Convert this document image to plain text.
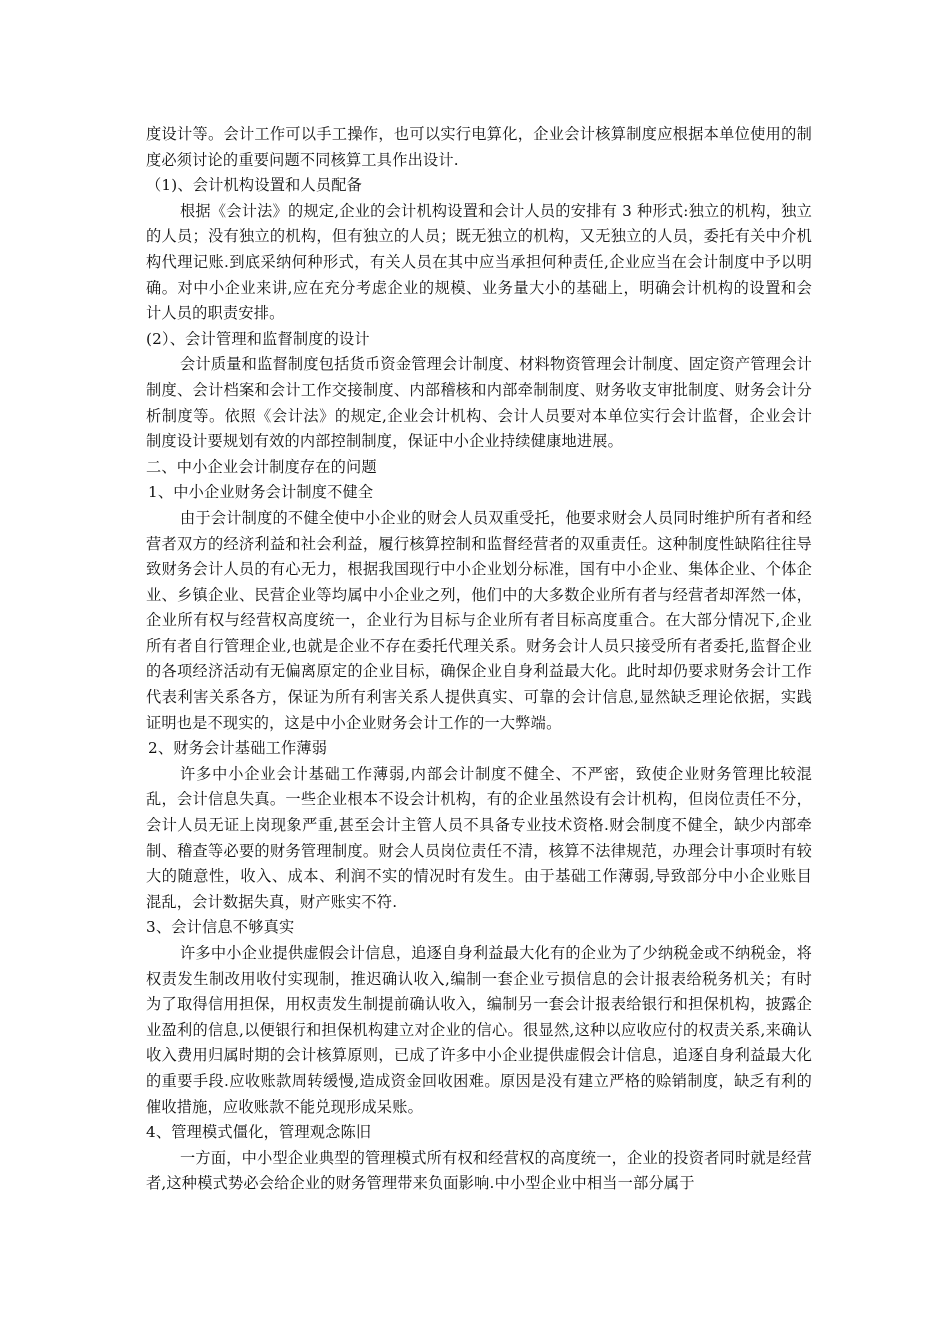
度设计等。会计工作可以手工操作，也可以实行电算化，企业会计核算制度应根据本单位使用的制度必须讨论的重要问题不同核算工具作出设计.

（1)、会计机构设置和人员配备

根据《会计法》的规定,企业的会计机构设置和会计人员的安排有 3 种形式:独立的机构，独立的人员；没有独立的机构，但有独立的人员；既无独立的机构，又无独立的人员，委托有关中介机构代理记账.到底采纳何种形式，有关人员在其中应当承担何种责任,企业应当在会计制度中予以明确。对中小企业来讲,应在充分考虑企业的规模、业务量大小的基础上，明确会计机构的设置和会计人员的职责安排。

(2）、会计管理和监督制度的设计

会计质量和监督制度包括货币资金管理会计制度、材料物资管理会计制度、固定资产管理会计制度、会计档案和会计工作交接制度、内部稽核和内部牵制制度、财务收支审批制度、财务会计分析制度等。依照《会计法》的规定,企业会计机构、会计人员要对本单位实行会计监督，企业会计制度设计要规划有效的内部控制制度，保证中小企业持续健康地进展。

二、中小企业会计制度存在的问题

1、中小企业财务会计制度不健全

由于会计制度的不健全使中小企业的财会人员双重受托，他要求财会人员同时维护所有者和经营者双方的经济利益和社会利益，履行核算控制和监督经营者的双重责任。这种制度性缺陷往往导致财务会计人员的有心无力，根据我国现行中小企业划分标准，国有中小企业、集体企业、个体企业、乡镇企业、民营企业等均属中小企业之列，他们中的大多数企业所有者与经营者却浑然一体，企业所有权与经营权高度统一，企业行为目标与企业所有者目标高度重合。在大部分情况下,企业所有者自行管理企业,也就是企业不存在委托代理关系。财务会计人员只接受所有者委托,监督企业的各项经济活动有无偏离原定的企业目标，确保企业自身利益最大化。此时却仍要求财务会计工作代表利害关系各方，保证为所有利害关系人提供真实、可靠的会计信息,显然缺乏理论依据，实践证明也是不现实的，这是中小企业财务会计工作的一大弊端。

2、财务会计基础工作薄弱

许多中小企业会计基础工作薄弱,内部会计制度不健全、不严密，致使企业财务管理比较混乱，会计信息失真。一些企业根本不设会计机构，有的企业虽然设有会计机构，但岗位责任不分，会计人员无证上岗现象严重,甚至会计主管人员不具备专业技术资格.财会制度不健全，缺少内部牵制、稽查等必要的财务管理制度。财会人员岗位责任不清，核算不法律规范，办理会计事项时有较大的随意性，收入、成本、利润不实的情况时有发生。由于基础工作薄弱,导致部分中小企业账目混乱，会计数据失真，财产账实不符.

3、会计信息不够真实

许多中小企业提供虚假会计信息，追逐自身利益最大化有的企业为了少纳税金或不纳税金，将权责发生制改用收付实现制，推迟确认收入,编制一套企业亏损信息的会计报表给税务机关；有时为了取得信用担保，用权责发生制提前确认收入，编制另一套会计报表给银行和担保机构，披露企业盈利的信息,以便银行和担保机构建立对企业的信心。很显然,这种以应收应付的权责关系,来确认收入费用归属时期的会计核算原则，已成了许多中小企业提供虚假会计信息，追逐自身利益最大化的重要手段.应收账款周转缓慢,造成资金回收困难。原因是没有建立严格的赊销制度，缺乏有利的催收措施，应收账款不能兑现形成呆账。

4、管理模式僵化，管理观念陈旧

一方面，中小型企业典型的管理模式所有权和经营权的高度统一，企业的投资者同时就是经营者,这种模式势必会给企业的财务管理带来负面影响.中小型企业中相当一部分属于
